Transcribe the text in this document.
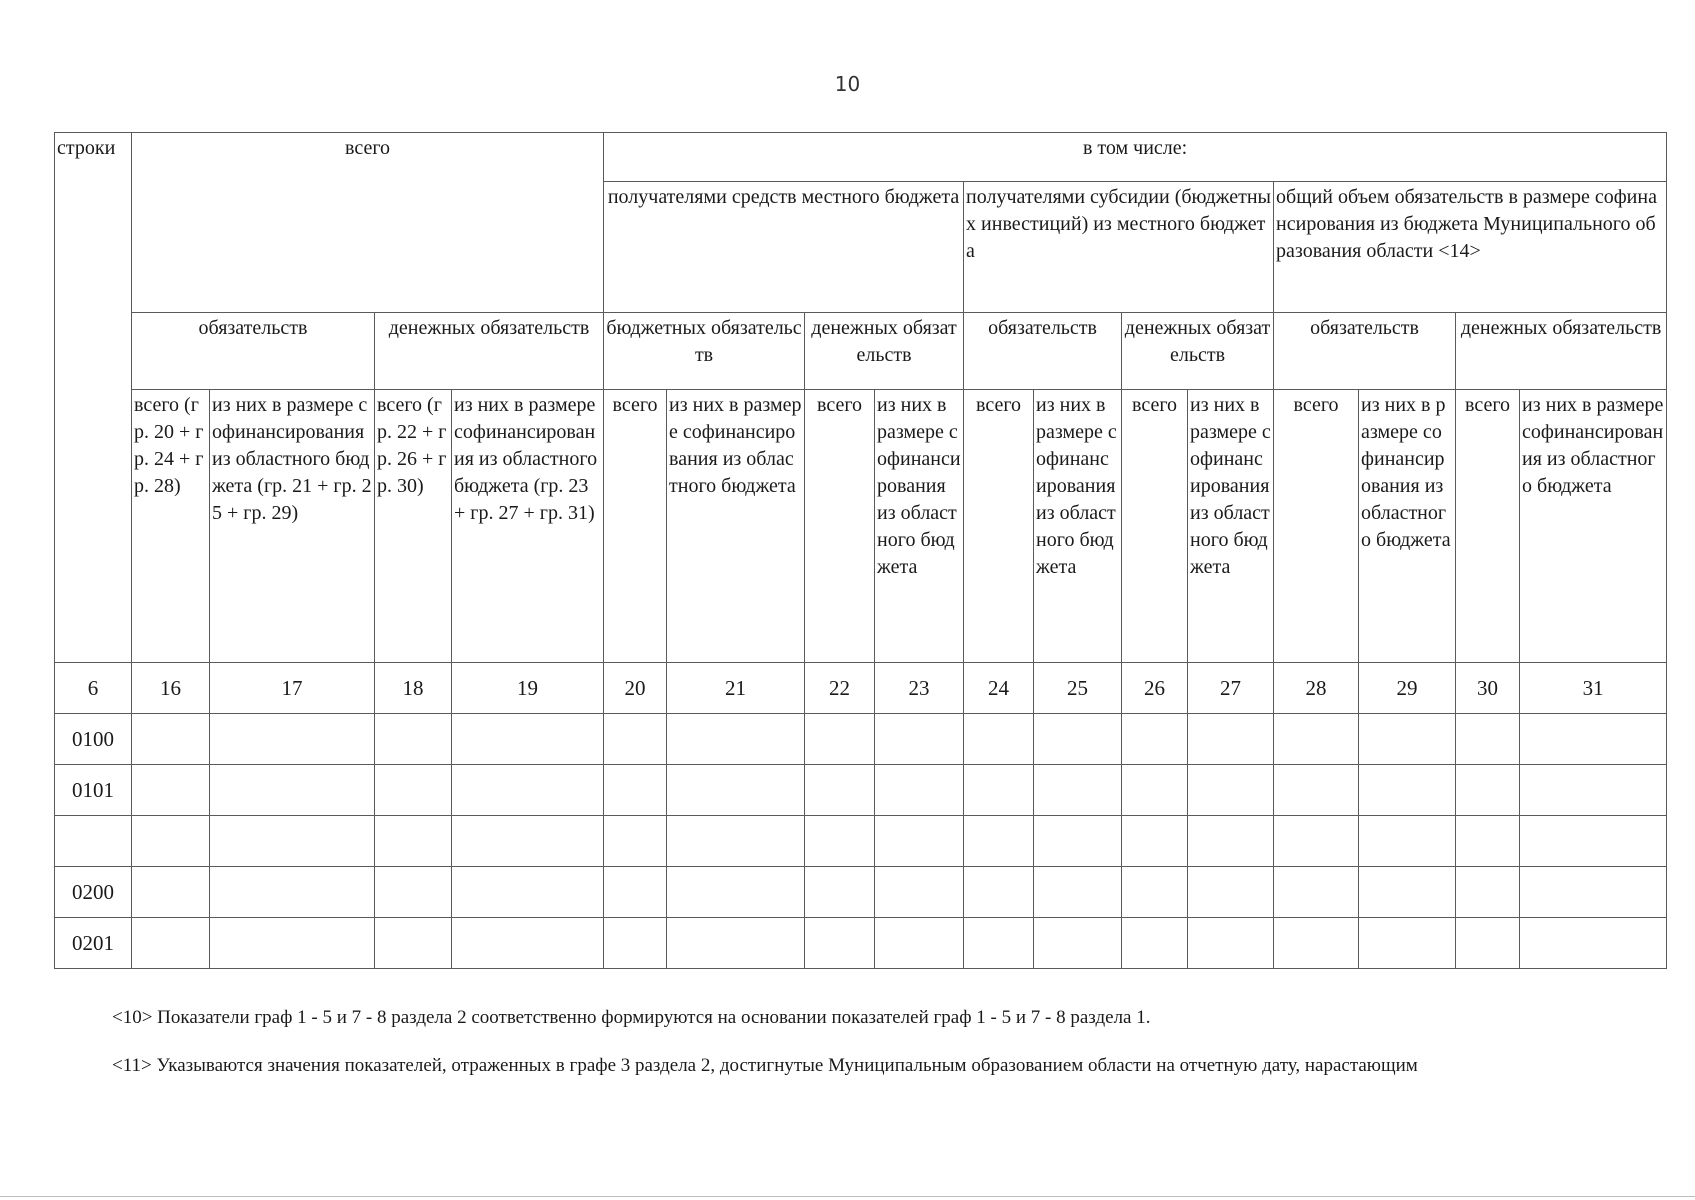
10
строки	всего				в том числе:											
					получателями средств местного бюджета				получателями субсидии (бюджетных инвестиций) из местного бюджета				общий объем обязательств в размере софинансирования из бюджета Муниципального образования области <14>			
	обязательств		денежных обязательств		бюджетных обязательств		денежных обязательств		обязательств		денежных обязательств		обязательств		денежных обязательств	
	всего (гр. 20 + гр. 24 + гр. 28)	из них в размере софинансирования из областного бюджета (гр. 21 + гр. 25 + гр. 29)	всего (гр. 22 + гр. 26 + гр. 30)	из них в размере софинансирования из областного бюджета (гр. 23 + гр. 27 + гр. 31)	всего	из них в размере софинансирования из областного бюджета	всего	из них в размере софинансирования из областного бюджета	всего	из них в размере софинансирования из областного бюджета	всего	из них в размере софинансирования из областного бюджета	всего	из них в размере софинансирования из областного бюджета	всего	из них в размере софинансирования из областного бюджета
6	16	17	18	19	20	21	22	23	24	25	26	27	28	29	30	31
0100																
0101																

0200																
0201																

<10> Показатели граф 1 - 5 и 7 - 8 раздела 2 соответственно формируются на основании показателей граф 1 - 5 и 7 - 8 раздела 1.

<11> Указываются значения показателей, отраженных в графе 3 раздела 2, достигнутые Муниципальным образованием области на отчетную дату, нарастающим
